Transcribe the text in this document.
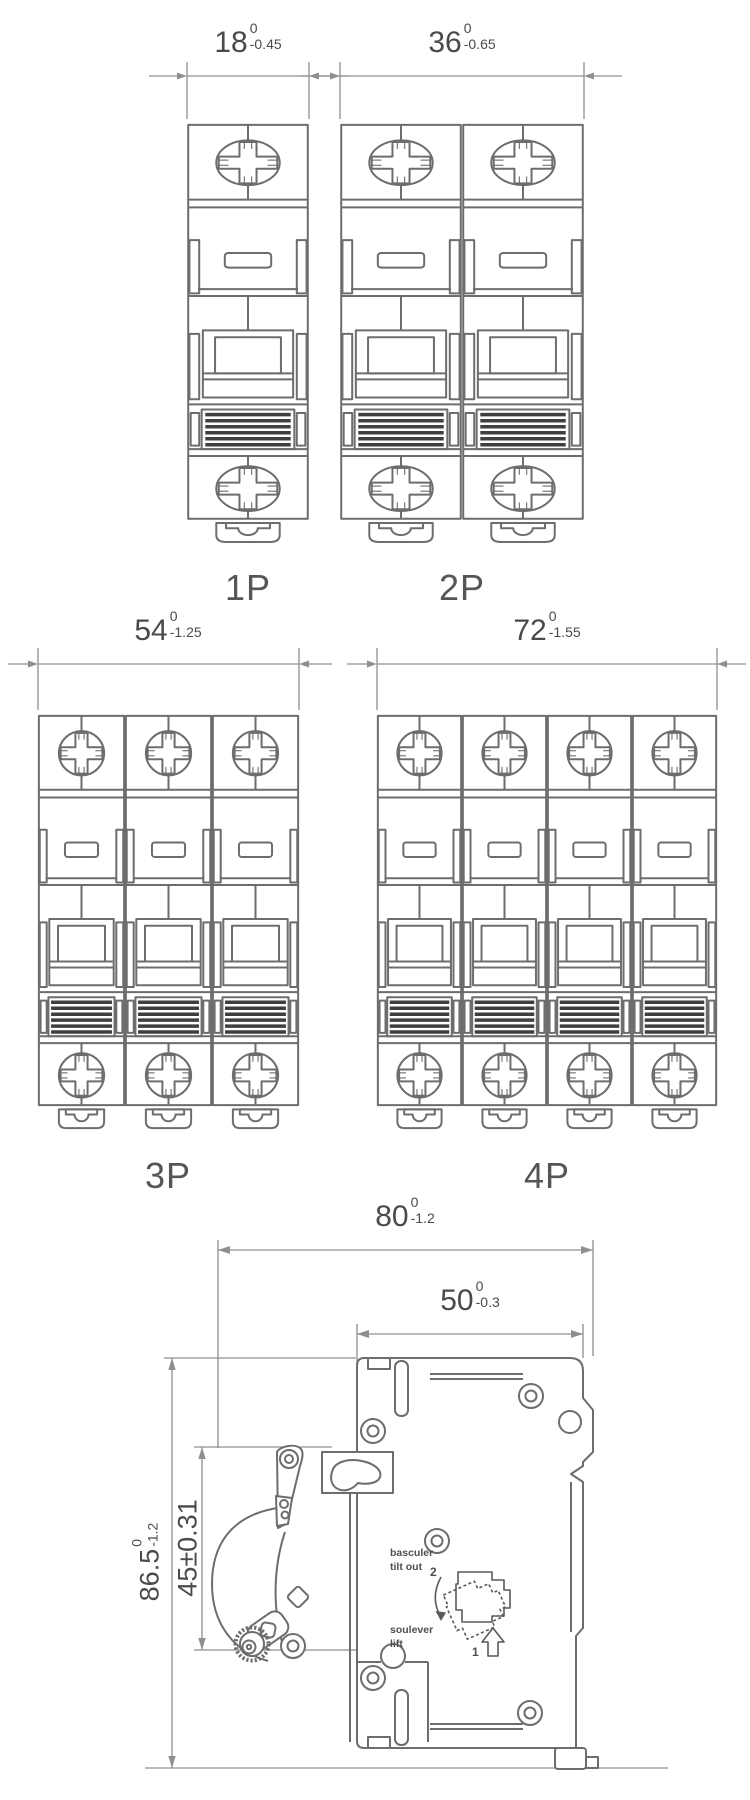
18 0
-0.45	36 0
-0.65
54 0
-1.25	72 0
-1.55
1P	2P
3P	4P
80 0
-1.2
50 0
-0.3
86.5
0 -1.2 45±0.31	basculer
tilt out 2
soulever
lift
1
